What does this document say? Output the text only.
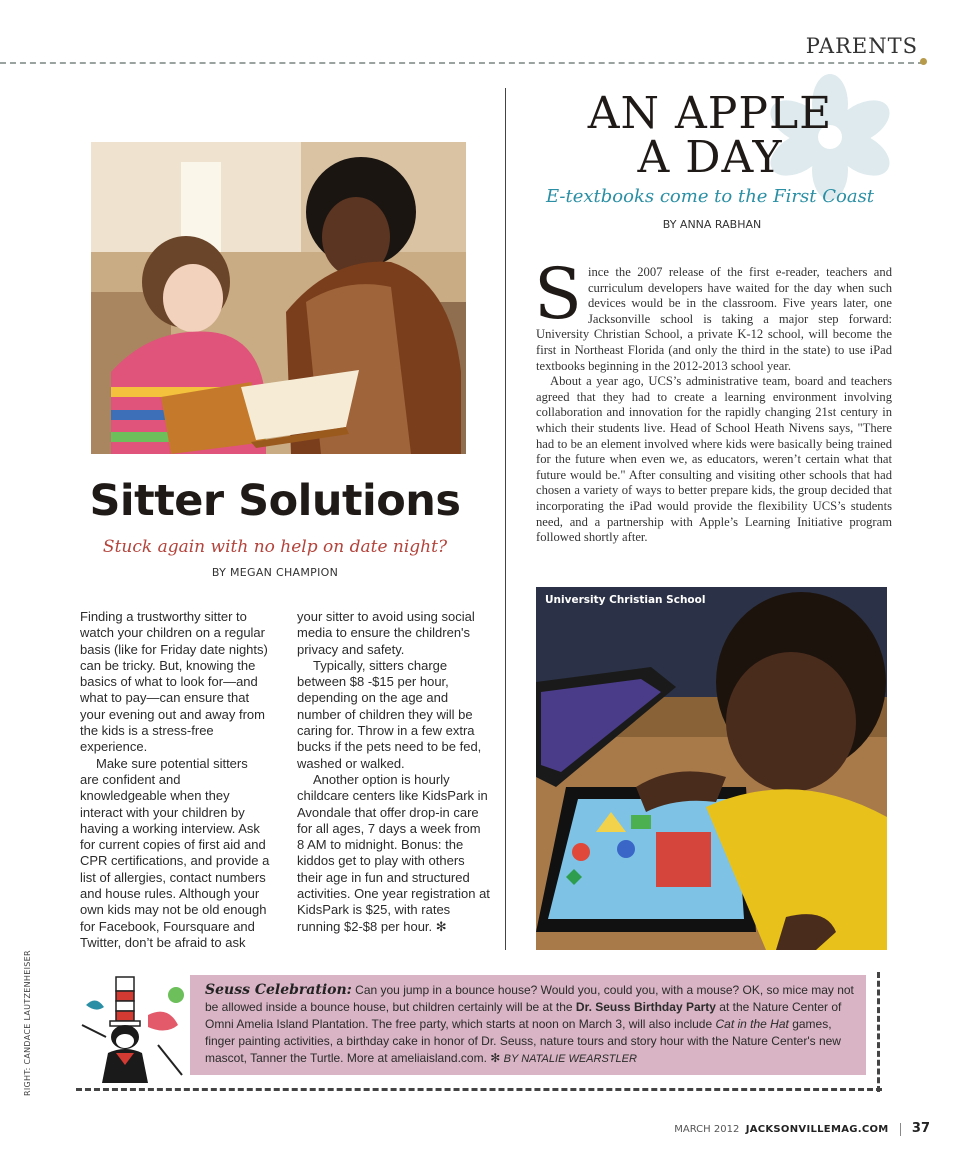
PARENTS
Sitter Solutions
Stuck again with no help on date night?
BY MEGAN CHAMPION

Finding a trustworthy sitter to watch your children on a regular basis (like for Friday date nights) can be tricky. But, knowing the basics of what to look for—and what to pay—can ensure that your evening out and away from the kids is a stress-free experience.

Make sure potential sitters are confident and knowledgeable when they interact with your children by having a working interview. Ask for current copies of first aid and CPR certifications, and provide a list of allergies, contact numbers and house rules. Although your own kids may not be old enough for Facebook, Foursquare and Twitter, don’t be afraid to ask

your sitter to avoid using social media to ensure the children's privacy and safety.

Typically, sitters charge between $8 -$15 per hour, depending on the age and number of children they will be caring for. Throw in a few extra bucks if the pets need to be fed, washed or walked.

Another option is hourly childcare centers like KidsPark in Avondale that offer drop-in care for all ages, 7 days a week from 8 AM to midnight. Bonus: the kiddos get to play with others their age in fun and structured activities. One year registration at KidsPark is $25, with rates running $2-$8 per hour. ✻

AN APPLE
A DAY
E-textbooks come to the First Coast
BY ANNA RABHAN

Since the 2007 release of the first e-reader, teachers and curriculum developers have waited for the day when such devices would be in the classroom. Five years later, one Jacksonville school is taking a major step forward: University Christian School, a private K-12 school, will become the first in Northeast Florida (and only the third in the state) to use iPad textbooks beginning in the 2012-2013 school year.

About a year ago, UCS’s administrative team, board and teachers agreed that they had to create a learning environment involving collaboration and innovation for the rapidly changing 21st century in which their students live. Head of School Heath Nivens says, "There had to be an element involved where kids were basically being trained for the future when even we, as educators, weren’t certain what that future would be." After consulting and visiting other schools that had chosen a variety of ways to better prepare kids, the group decided that incorporating the iPad would provide the flexibility UCS’s students need, and a partnership with Apple’s Learning Initiative program followed shortly after.

University Christian School
Seuss Celebration: Can you jump in a bounce house? Would you, could you, with a mouse? OK, so mice may not be allowed inside a bounce house, but children certainly will be at the Dr. Seuss Birthday Party at the Nature Center of Omni Amelia Island Plantation. The free party, which starts at noon on March 3, will also include Cat in the Hat games, finger painting activities, a birthday cake in honor of Dr. Seuss, nature tours and story hour with the Nature Center's new mascot, Tanner the Turtle. More at ameliaisland.com. ✻ BY NATALIE WEARSTLER
RIGHT: CANDACE LAUTZENHEISER
MARCH 2012 JACKSONVILLEMAG.COM 37
